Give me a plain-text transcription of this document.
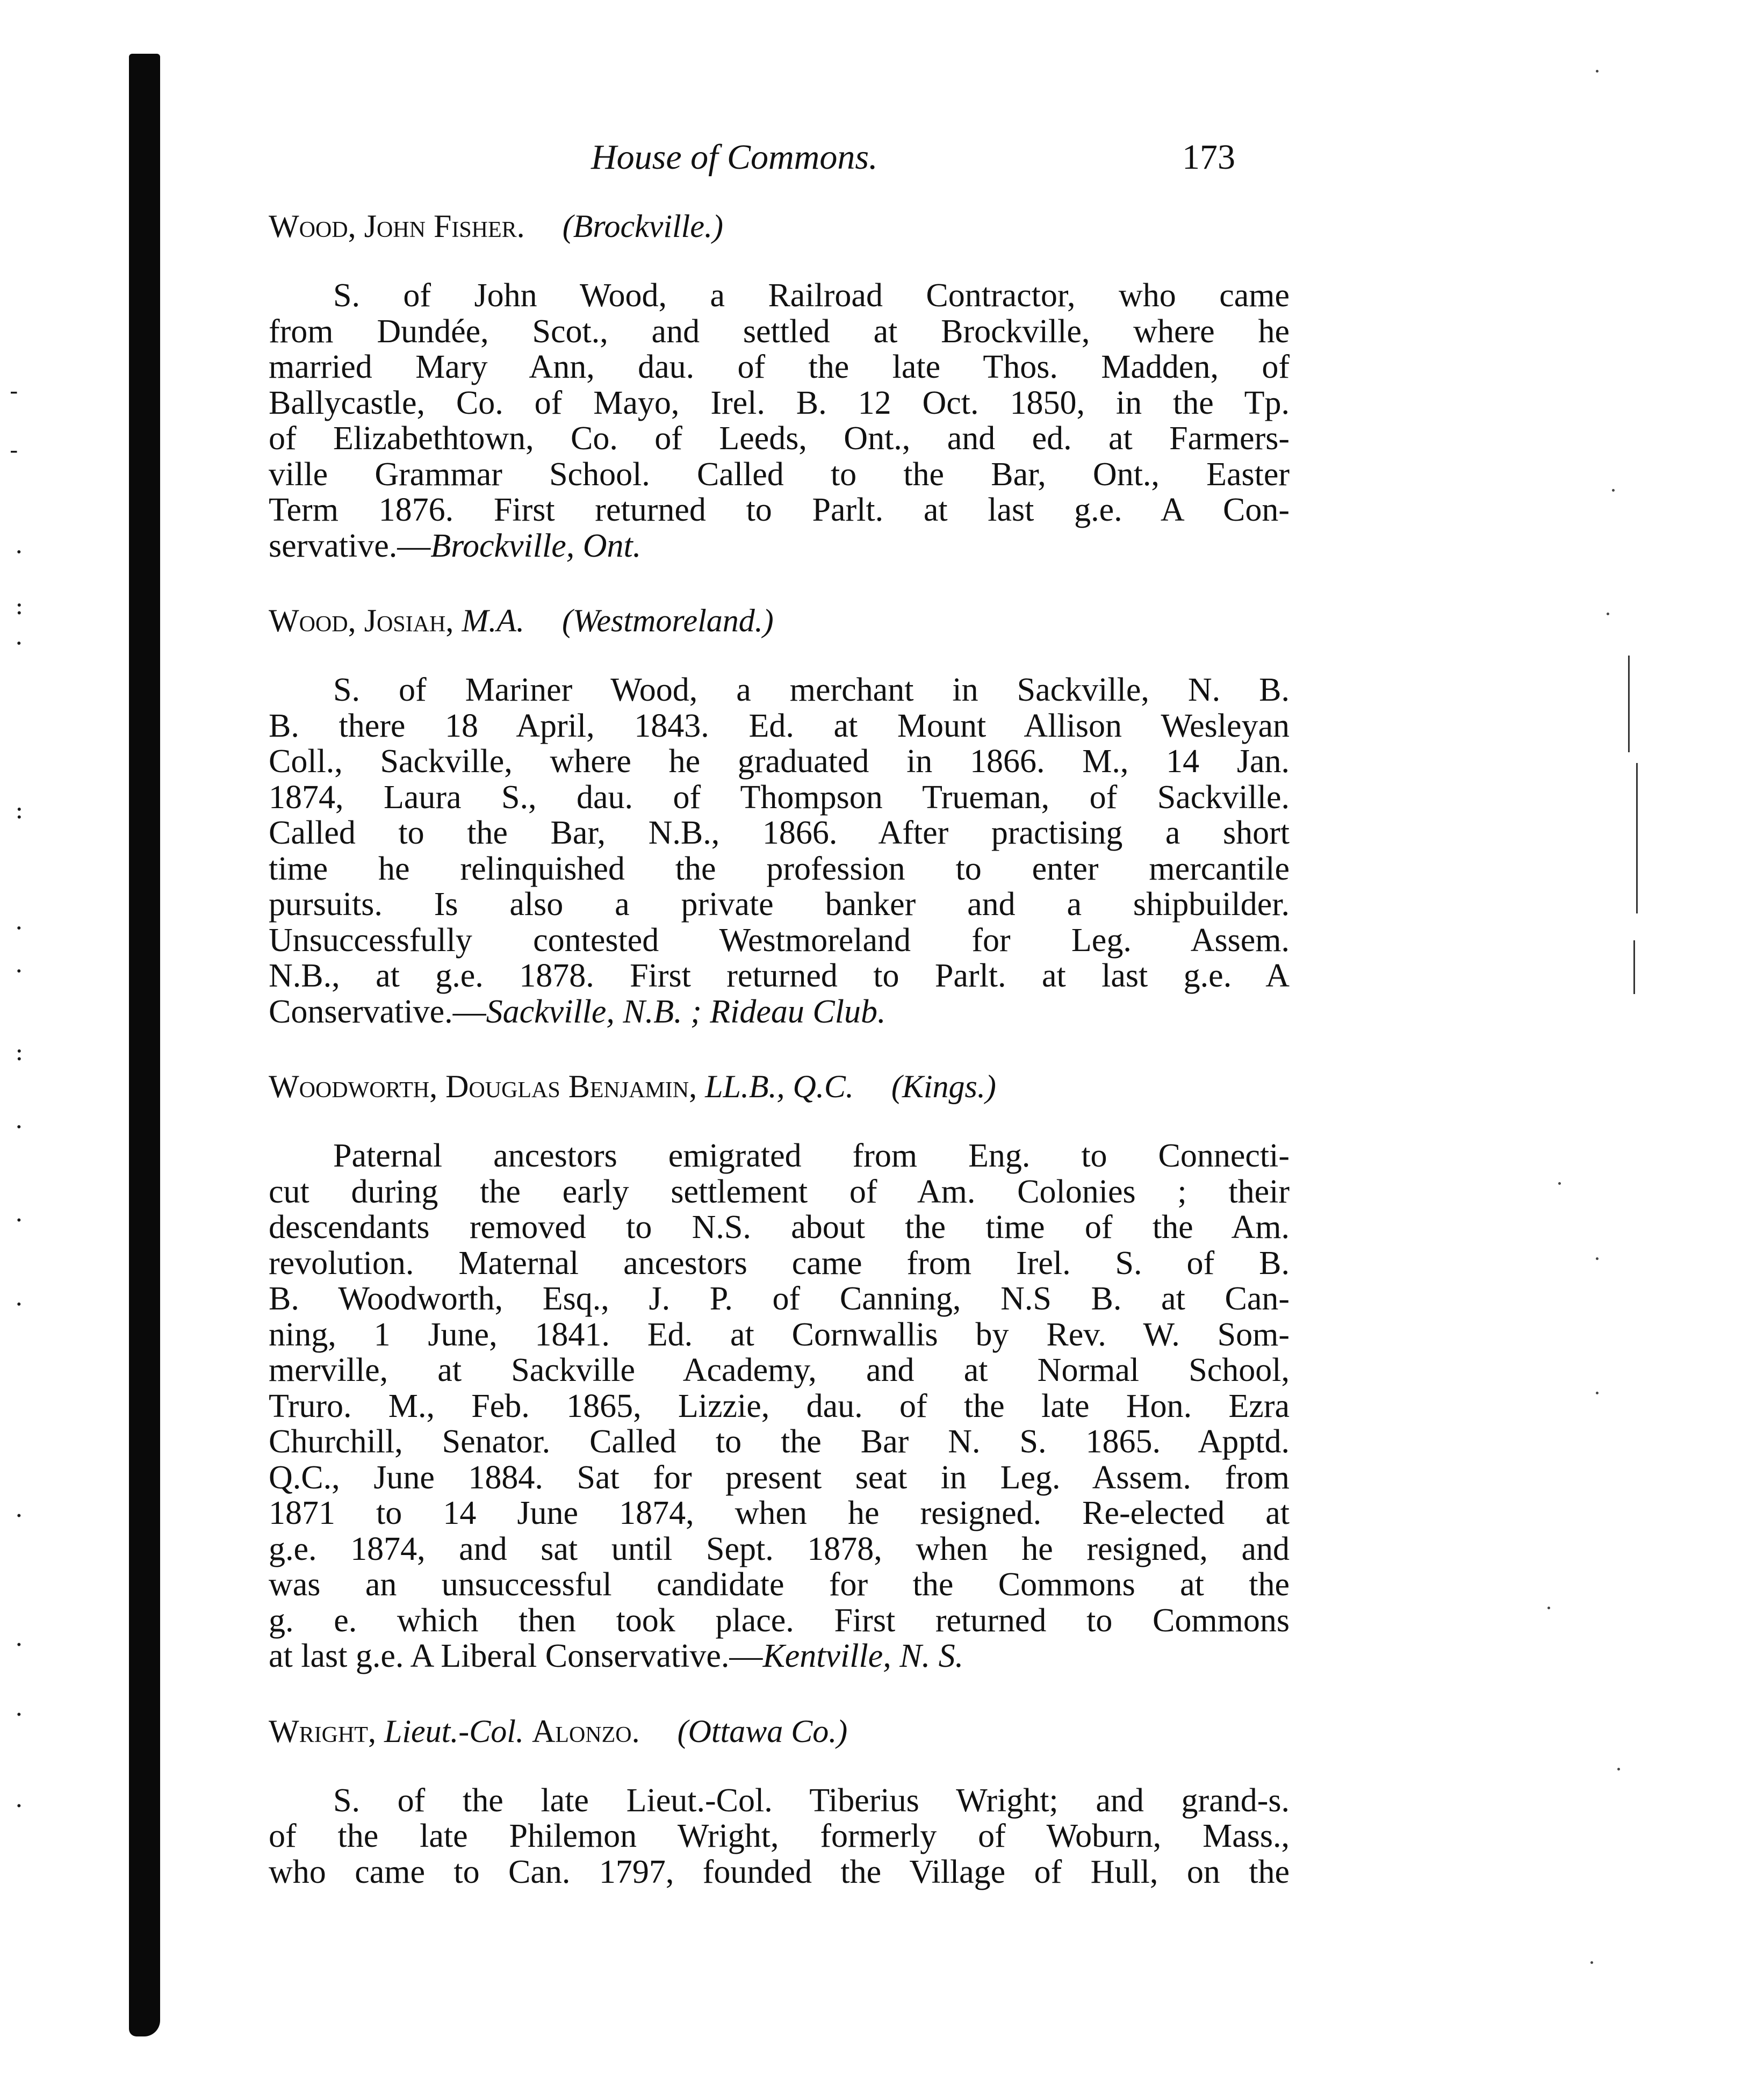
-
-
·
:
·
:
·
·
:
·
.
·
.
.
.
.
House of Commons.	173
Wood, John Fisher. (Brockville.)
S. of John Wood, a Railroad Contractor, who came
from Dundée, Scot., and settled at Brockville, where he
married Mary Ann, dau. of the late Thos. Madden, of
Ballycastle, Co. of Mayo, Irel. B. 12 Oct. 1850, in the Tp.
of Elizabethtown, Co. of Leeds, Ont., and ed. at Farmers-
ville Grammar School. Called to the Bar, Ont., Easter
Term 1876. First returned to Parlt. at last g.e. A Con-
servative.—Brockville, Ont.
Wood, Josiah, M.A. (Westmoreland.)
S. of Mariner Wood, a merchant in Sackville, N. B.
B. there 18 April, 1843. Ed. at Mount Allison Wesleyan
Coll., Sackville, where he graduated in 1866. M., 14 Jan.
1874, Laura S., dau. of Thompson Trueman, of Sackville.
Called to the Bar, N.B., 1866. After practising a short
time he relinquished the profession to enter mercantile
pursuits. Is also a private banker and a shipbuilder.
Unsuccessfully contested Westmoreland for Leg. Assem.
N.B., at g.e. 1878. First returned to Parlt. at last g.e. A
Conservative.—Sackville, N.B. ; Rideau Club.
Woodworth, Douglas Benjamin, LL.B., Q.C. (Kings.)
Paternal ancestors emigrated from Eng. to Connecti-
cut during the early settlement of Am. Colonies ; their
descendants removed to N.S. about the time of the Am.
revolution. Maternal ancestors came from Irel. S. of B.
B. Woodworth, Esq., J. P. of Canning, N.S B. at Can-
ning, 1 June, 1841. Ed. at Cornwallis by Rev. W. Som-
merville, at Sackville Academy, and at Normal School,
Truro. M., Feb. 1865, Lizzie, dau. of the late Hon. Ezra
Churchill, Senator. Called to the Bar N. S. 1865. Apptd.
Q.C., June 1884. Sat for present seat in Leg. Assem. from
1871 to 14 June 1874, when he resigned. Re-elected at
g.e. 1874, and sat until Sept. 1878, when he resigned, and
was an unsuccessful candidate for the Commons at the
g. e. which then took place. First returned to Commons
at last g.e. A Liberal Conservative.—Kentville, N. S.
Wright, Lieut.-Col. Alonzo. (Ottawa Co.)
S. of the late Lieut.-Col. Tiberius Wright; and grand-s.
of the late Philemon Wright, formerly of Woburn, Mass.,
who came to Can. 1797, founded the Village of Hull, on the
